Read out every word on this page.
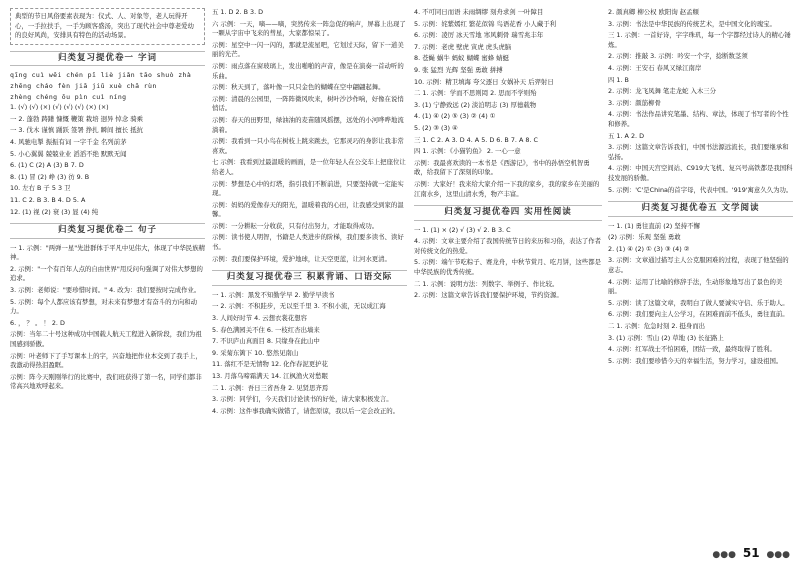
典型的节日风俗要素表现为：仪式、人、对象等，老人玩得开心，一手拉扶手，一手为顾客盛汤，突出了现代社会中尊老爱幼的良好风尚，安排具有特色的活动场景。
归类复习提优卷一 字词
qīng cuì wēi chén pī liè jiǎn tāo shuò zhà
zhēng cháo fèn jiā jiǔ xuè chā rùn
zhèng chéng ōu pìn cuì níng
1. (√) (√) (×) (√) (√) (√) (×) (×)
一 2. 蓬勃 踌躇 慷慨 鞭策 栽培 迥异 悼念 骑乘
一 3. 伐木 谨慎 踊跃 签署 挣扎 瞬间 擅长 抵抗
4. 风驰电掣 振振有词 一字千金 名列前茅
5. 小心翼翼 兢兢业业 滔滔不绝 默默无闻
6. (1) C (2) A (3) B 7. D
8. (1) 冒 (2) 峥 (3) 彷 9. B
10. 左右 B 子 5 3 卫
11. C 2. B 3. B 4. D 5. A
12. (1) 视 (2) 衰 (3) 显 (4) 纯
归类复习提优卷二 句子
一 1. 示例："两弹一星"先进群体于平凡中见伟大，体现了中华民族精神。
2. 示例："一个有百年人点的自由世界"用反问句强调了对伟大梦想的追求。
3. 示例：老师说："要珍惜时间。" 4. 改为：我们要按时完成作业。
5. 示例：每个人都应该有梦想，对未来有梦想才有奋斗的方向和动力。
6. ， ？ 。 ！ 2. D
示例：当年二十号这种成功中国载人航天工程进入新阶段，我们为祖国感到骄傲。
示例：叶老师下了手写课本上的字，兴奋地把作业本交到了我手上，我激动得热泪盈眶。
示例：阵今天刚刚举行的比赛中，我们班获得了第一名，同学们都非常高兴地欢呼起来。
五 1. D 2. B 3. D
六 示例：一天，嘀——嘀，突然传来一阵急促的响声，屏幕上出现了一颗从宇宙中飞来的彗星，大家都惊呆了。
示例：星空中一闪一闪的，那就是流星吧，它划过天际，留下一道美丽的光芒。
示例：雨点落在窗玻璃上，发出啪啪的声音，像是在演奏一首动听的乐曲。
示例：秋天到了，落叶像一只只金色的蝴蝶在空中翩翩起舞。
示例：清晨的公园里，一阵阵微风吹来，树叶沙沙作响，好像在说悄悄话。
示例：春天的田野里，绿油油的麦苗随风摇摆，远处的小河哗哗地流淌着。
示例：我看到一只小鸟在树枝上跳来跳去，它那灵巧的身影让我非常喜欢。
七 示例：我看到过最温暖的画面，是一位年轻人在公交车上把座位让给老人。
示例：梦想是心中的灯塔，指引我们不断前进，只要坚持就一定能实现。
示例：妈妈的爱像春天的阳光，温暖着我的心田，让我感受到家的温馨。
示例：一分耕耘一分收获，只有付出努力，才能取得成功。
示例：读书使人明智，书籍是人类进步的阶梯，我们要多读书、读好书。
示例：我们要保护环境，爱护地球，让天空更蓝，让河水更清。
归类复习提优卷三 积累背诵、口语交际
一 1. 示例：黑发不知勤学早 2. 勤学早读书
一 2. 示例：不积跬步，无以至千里 3. 不积小流，无以成江海
3. 人间好时节 4. 云想衣裳花想容
5. 春色满园关不住 6. 一枝红杏出墙来
7. 不识庐山真面目 8. 只缘身在此山中
9. 采菊东篱下 10. 悠然见南山
11. 落红不是无情物 12. 化作春泥更护花
13. 月落乌啼霜满天 14. 江枫渔火对愁眠
二 1. 示例：吾日三省吾身 2. 见贤思齐焉
3. 示例：同学们，今天我们讨论读书的好处，请大家积极发言。
4. 示例：这件事我确实做错了，请您原谅，我以后一定会改正的。
4. 不可同日而语 未雨绸缪 刻舟求剑 一叶障目
5. 示例：姹紫嫣红 繁花似锦 鸟语花香 小人藏于利
6. 示例：凌厉 冰天雪地 寒风刺骨 瑞雪兆丰年
7. 示例：老虎 壁虎 寅虎 虎头虎脑
8. 苍蝇 蜗牛 蚂蚁 蝴蝶 蜜蜂 蜻蜓
9. 张 猛烈 光辉 坚强 勇敢 拼搏
10. 示例：精卫填海 夸父逐日 女娲补天 后羿射日
二 1. 示例：学而不思则罔 2. 思而不学则殆
3. (1) 宁静致远 (2) 淡泊明志 (3) 厚德载物
4. (1) ④ (2) ⑤ (3) ② (4) ①
5. (2) ③ (3) ④
三 1. C 2. A 3. D 4. A 5. D 6. B 7. A 8. C
四 1. 示例：《小猫钓鱼》 2. 一心一意
示例：我最喜欢读的一本书是《西游记》，书中的孙悟空机智勇敢，给我留下了深刻的印象。
示例：大家好！我来给大家介绍一下我的家乡，我的家乡在美丽的江南水乡，这里山清水秀，物产丰富。
归类复习提优卷四 实用性阅读
一 1. (1) × (2) √ (3) √ 2. B 3. C
4. 示例：文章主要介绍了我国传统节日的来历和习俗，表达了作者对传统文化的热爱。
5. 示例：端午节吃粽子、赛龙舟，中秋节赏月、吃月饼，这些都是中华民族的优秀传统。
二 1. 示例：说明方法：列数字、举例子、作比较。
2. 示例：这篇文章告诉我们要保护环境，节约资源。
2. 颜真卿 柳公权 欧阳询 赵孟頫
3. 示例：书法是中华民族的传统艺术，是中国文化的瑰宝。
三 1. 示例：一首好诗，字字珠玑，每一个字都经过诗人的精心锤炼。
2. 示例：推敲 3. 示例：吟安一个字，捻断数茎须
4. 示例：王安石 春风又绿江南岸
四 1. B
2. 示例：龙飞凤舞 笔走龙蛇 入木三分
3. 示例：颜筋柳骨
4. 示例：书法作品讲究笔墨、结构、章法，体现了书写者的个性和修养。
五 1. A 2. D
3. 示例：这篇文章告诉我们，中国书法源远流长，我们要继承和弘扬。
4. 示例：中国天宫空间站、C919大飞机、复兴号高铁都是我国科技发展的骄傲。
5. 示例：'C'是China的首字母，代表中国。'919'寓意久久为功。
归类复习提优卷五 文学阅读
一 1. (1) 勇往直前 (2) 坚持不懈
(2) 示例：乐观 坚强 勇敢
2. (1) ④ (2) ① (3) ③ (4) ②
3. 示例：文章通过描写主人公克服困难的过程，表现了他坚强的意志。
4. 示例：运用了比喻的修辞手法，生动形象地写出了景色的美丽。
5. 示例：读了这篇文章，我明白了做人要诚实守信、乐于助人。
6. 示例：我们要向主人公学习，在困难面前不低头，勇往直前。
二 1. 示例：危急时刻 2. 挺身而出
3. (1) 示例：雪山 (2) 草地 (3) 长征路上
4. 示例：红军战士不怕困难，团结一致，最终取得了胜利。
5. 示例：我们要珍惜今天的幸福生活，努力学习，建设祖国。
●●● 51 ●●●
